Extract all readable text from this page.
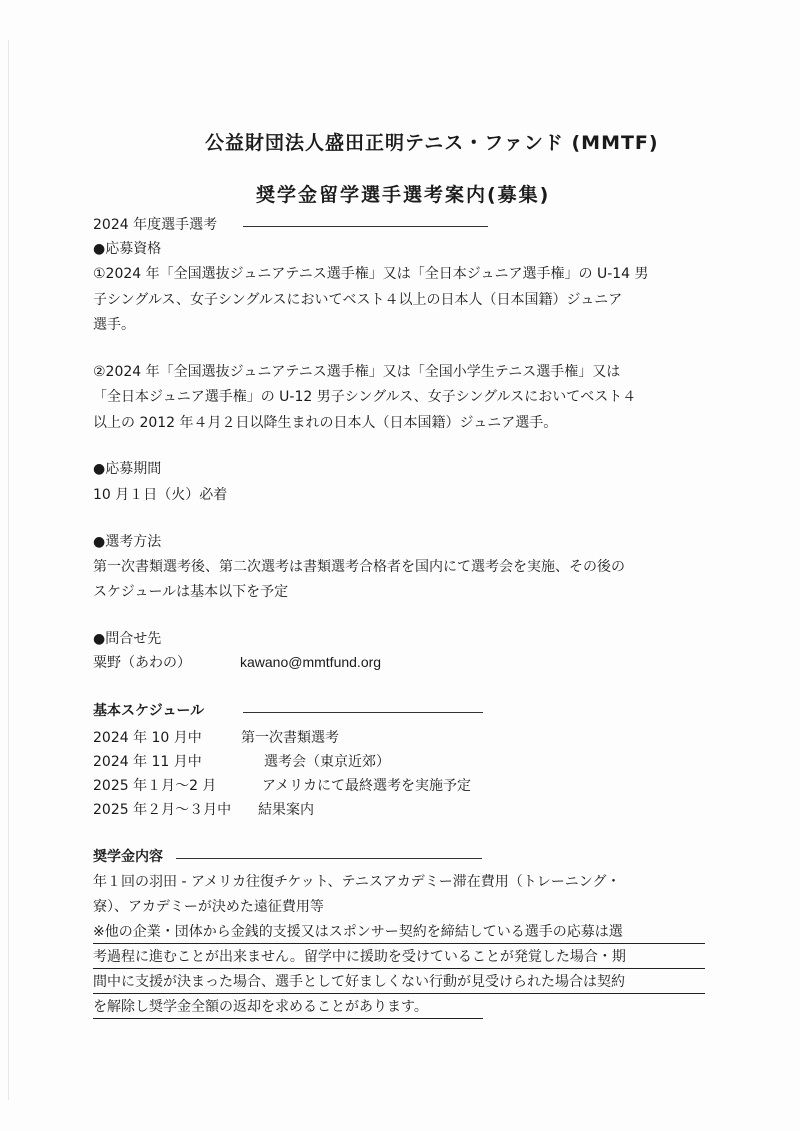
公益財団法人盛田正明テニス・ファンド (MMTF)
奨学金留学選手選考案内(募集)
2024 年度選手選考
●応募資格
①2024 年「全国選抜ジュニアテニス選手権」又は「全日本ジュニア選手権」の U-14 男
子シングルス、女子シングルスにおいてベスト４以上の日本人（日本国籍）ジュニア
選手。
②2024 年「全国選抜ジュニアテニス選手権」又は「全国小学生テニス選手権」又は
「全日本ジュニア選手権」の U-12 男子シングルス、女子シングルスにおいてベスト４
以上の 2012 年４月２日以降生まれの日本人（日本国籍）ジュニア選手。
●応募期間
10 月１日（火）必着
●選考方法
第一次書類選考後、第二次選考は書類選考合格者を国内にて選考会を実施、その後の
スケジュールは基本以下を予定
●問合せ先
粟野（あわの）	kawano@mmtfund.org
基本スケジュール
2024 年 10 月中	第一次書類選考
2024 年 11 月中	選考会（東京近郊）
2025 年１月～2 月	アメリカにて最終選考を実施予定
2025 年２月～３月中 結果案内
奨学金内容
年１回の羽田 - アメリカ往復チケット、テニスアカデミー滞在費用（トレーニング・
寮）、アカデミーが決めた遠征費用等
※他の企業・団体から金銭的支援又はスポンサー契約を締結している選手の応募は選
考過程に進むことが出来ません。留学中に援助を受けていることが発覚した場合・期
間中に支援が決まった場合、選手として好ましくない行動が見受けられた場合は契約
を解除し奨学金全額の返却を求めることがあります。
